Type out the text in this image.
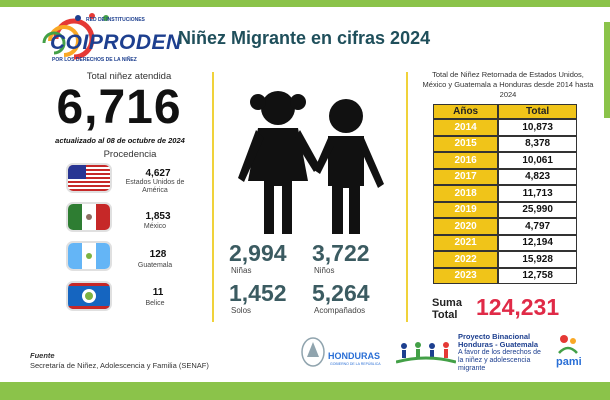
RED DE INSTITUCIONES
COIPRODEN
POR LOS DERECHOS DE LA NIÑEZ
Niñez Migrante en cifras 2024
Total niñez atendida
6,716
actualizado al 08 de octubre de 2024
Procedencia
4,627
Estados Unidos de América
1,853
México
128
Guatemala
11
Belice
2,994
Niñas
3,722
Niños
1,452
Solos
5,264
Acompañados
Total de Niñez Retornada de Estados Unidos, México y Guatemala a Honduras desde 2014 hasta 2024
Años	Total
2014	10,873
2015	8,378
2016	10,061
2017	4,823
2018	11,713
2019	25,990
2020	4,797
2021	12,194
2022	15,928
2023	12,758
Suma
Total 124,231
Fuente
Secretaría de Niñez, Adolescencia y Familia (SENAF)
HONDURAS
GOBIERNO DE LA REPÚBLICA
Proyecto Binacional
Honduras - Guatemala
A favor de los derechos de la niñez y adolescencia migrante
pami
